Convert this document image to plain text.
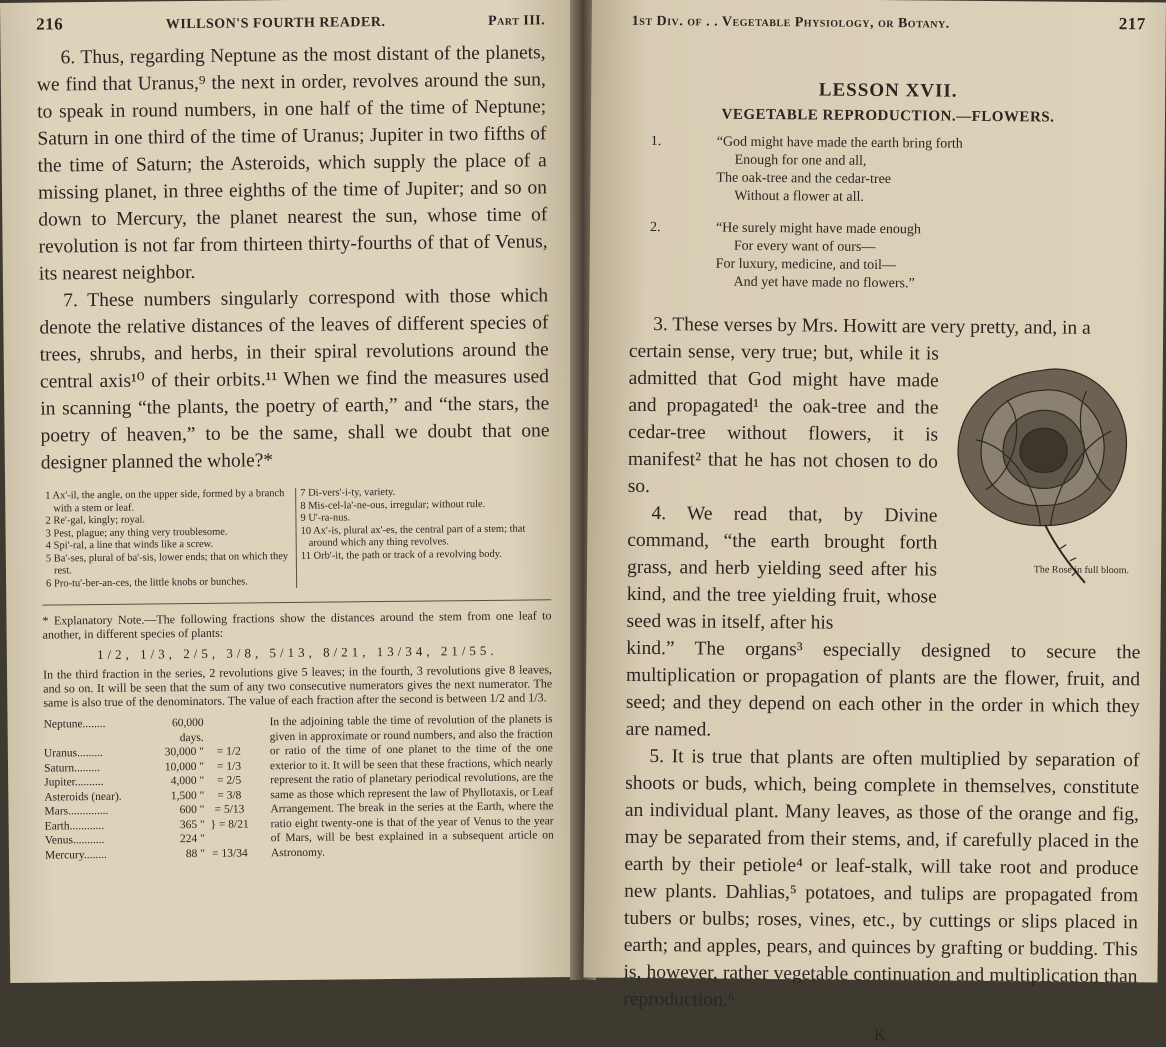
216	WILLSON'S FOURTH READER.	Part III.

6. Thus, regarding Neptune as the most distant of the planets, we find that Uranus,⁹ the next in order, revolves around the sun, to speak in round numbers, in one half of the time of Neptune; Saturn in one third of the time of Uranus; Jupiter in two fifths of the time of Saturn; the Asteroids, which supply the place of a missing planet, in three eighths of the time of Jupiter; and so on down to Mercury, the planet nearest the sun, whose time of revolution is not far from thirteen thirty-fourths of that of Venus, its nearest neighbor.

7. These numbers singularly correspond with those which denote the relative distances of the leaves of different species of trees, shrubs, and herbs, in their spiral revolutions around the central axis¹⁰ of their orbits.¹¹ When we find the measures used in scanning “the plants, the poetry of earth,” and “the stars, the poetry of heaven,” to be the same, shall we doubt that one designer planned the whole?*

1 Ax'-il, the angle, on the upper side, formed by a branch with a stem or leaf.
2 Re'-gal, kingly; royal.
3 Pest, plague; any thing very troublesome.
4 Spi'-ral, a line that winds like a screw.
5 Ba'-ses, plural of ba'-sis, lower ends; that on which they rest.
6 Pro-tu'-ber-an-ces, the little knobs or bunches.
7 Di-vers'-i-ty, variety.
8 Mis-cel-la'-ne-ous, irregular; without rule.
9 U'-ra-nus.
10 Ax'-is, plural ax'-es, the central part of a stem; that around which any thing revolves.
11 Orb'-it, the path or track of a revolving body.
* Explanatory Note.—The following fractions show the distances around the stem from one leaf to another, in different species of plants:
1/2, 1/3, 2/5, 3/8, 5/13, 8/21, 13/34, 21/55.
In the third fraction in the series, 2 revolutions give 5 leaves; in the fourth, 3 revolutions give 8 leaves, and so on. It will be seen that the sum of any two consecutive numerators gives the next numerator. The same is also true of the denominators. The value of each fraction after the second is between 1/2 and 1/3.
Neptune........	60,000 days.
Uranus.........	30,000 "	= 1/2
Saturn.........	10,000 "	= 1/3
Jupiter..........	4,000 "	= 2/5
Asteroids (near).	1,500 "	= 3/8
Mars..............	600 " = 5/13
Earth............	365 " } = 8/21
Venus...........	224 "
Mercury........	88 " = 13/34
In the adjoining table the time of revolution of the planets is given in approximate or round numbers, and also the fraction or ratio of the time of one planet to the time of the one exterior to it. It will be seen that these fractions, which nearly represent the ratio of planetary periodical revolutions, are the same as those which represent the law of Phyllotaxis, or Leaf Arrangement. The break in the series at the Earth, where the ratio eight twenty-one is that of the year of Venus to the year of Mars, will be best explained in a subsequent article on Astronomy.
1st Div. of . . Vegetable Physiology, or Botany.	217
LESSON XVII.
VEGETABLE REPRODUCTION.—FLOWERS.
1.	“God might have made the earth bring forth
Enough for one and all,
The oak-tree and the cedar-tree
Without a flower at all.
2.	“He surely might have made enough
For every want of ours—
For luxury, medicine, and toil—
And yet have made no flowers.”

3. These verses by Mrs. Howitt are very pretty, and, in a

The Rose in full bloom.
certain sense, very true; but, while it is admitted that God might have made and propagated¹ the oak-tree and the cedar-tree without flowers, it is manifest² that he has not chosen to do so.

4. We read that, by Divine command, “the earth brought forth grass, and herb yielding seed after his kind, and the tree yielding fruit, whose seed was in itself, after his

kind.” The organs³ especially designed to secure the multiplication or propagation of plants are the flower, fruit, and seed; and they depend on each other in the order in which they are named.

5. It is true that plants are often multiplied by separation of shoots or buds, which, being complete in themselves, constitute an individual plant. Many leaves, as those of the orange and fig, may be separated from their stems, and, if carefully placed in the earth by their petiole⁴ or leaf-stalk, will take root and produce new plants. Dahlias,⁵ potatoes, and tulips are propagated from tubers or bulbs; roses, vines, etc., by cuttings or slips placed in earth; and apples, pears, and quinces by grafting or budding. This is, however, rather vegetable continuation and multiplication than reproduction.⁶

K
